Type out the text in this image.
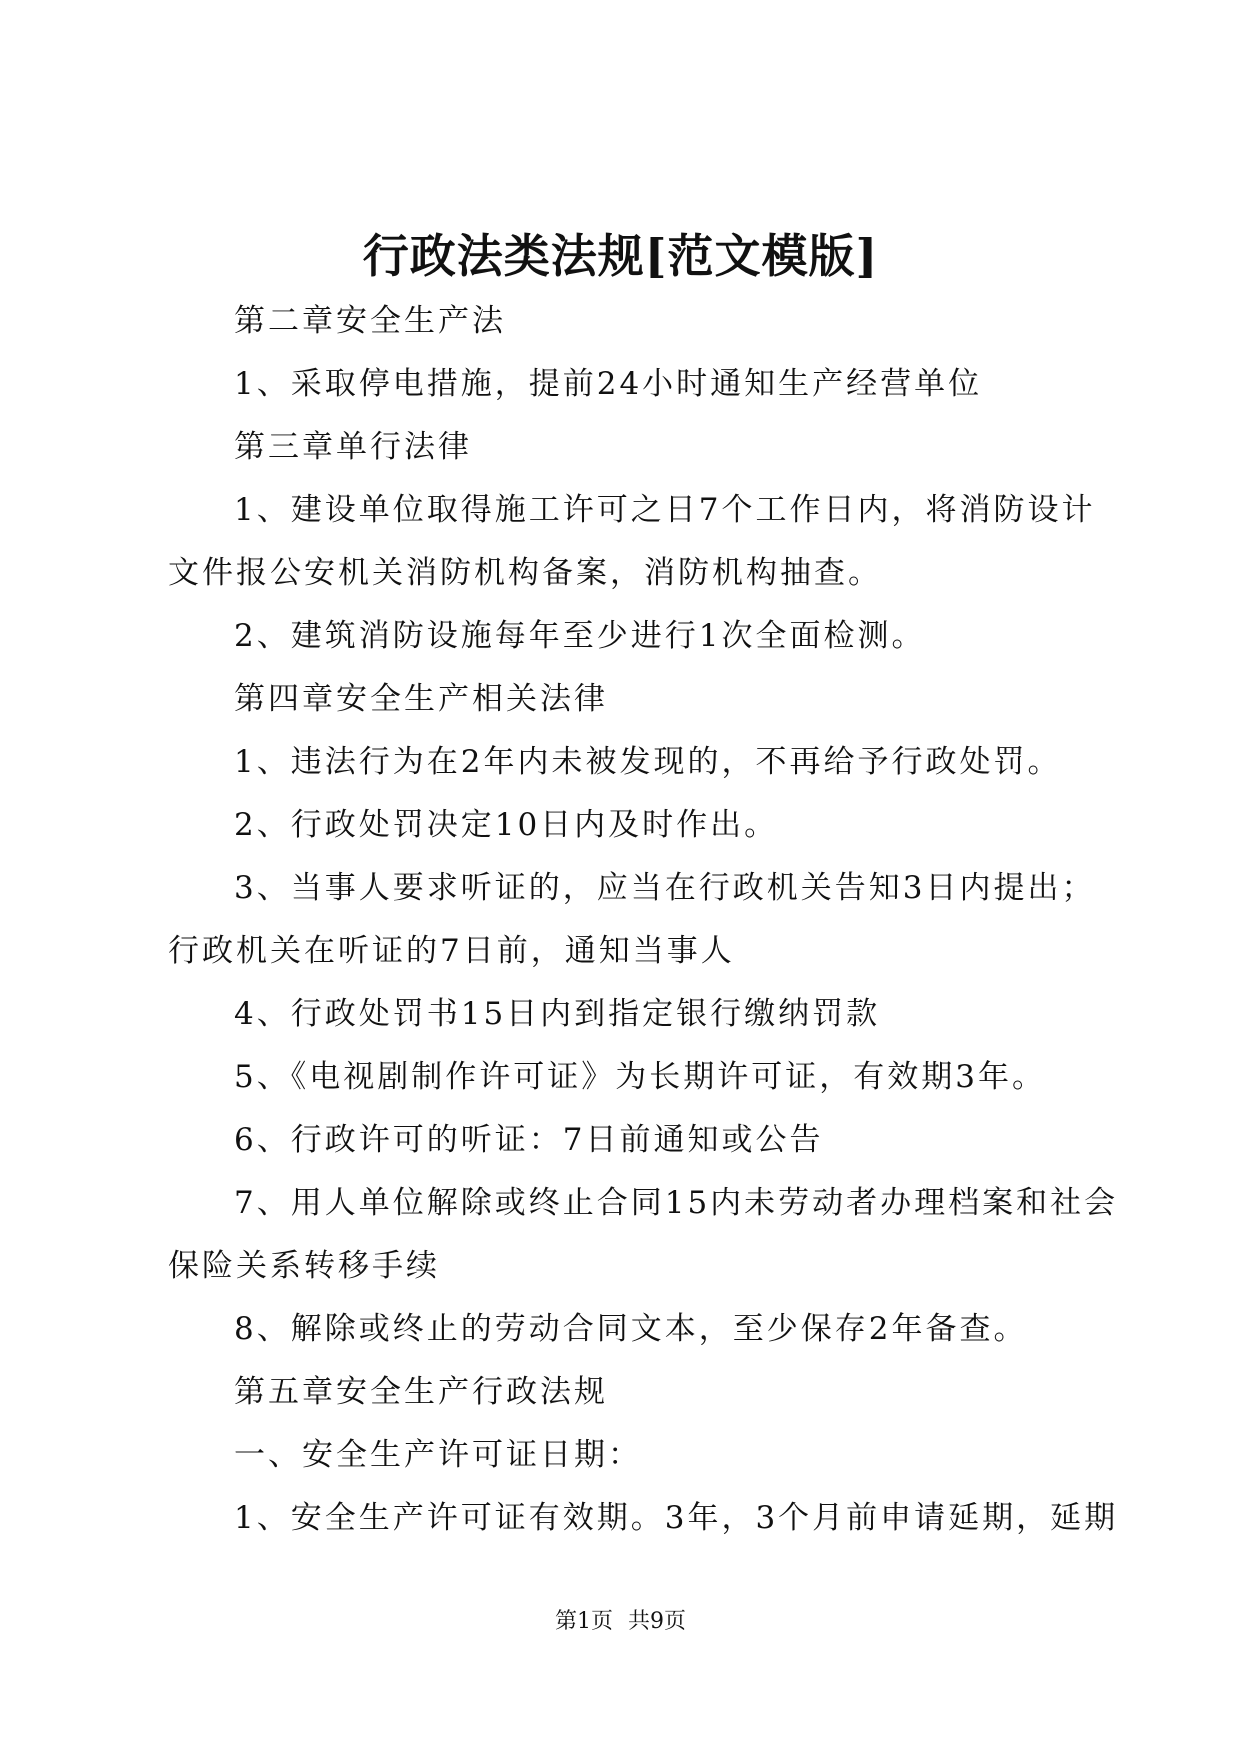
行政法类法规[范文模版]
第二章安全生产法
1、采取停电措施，提前24小时通知生产经营单位
第三章单行法律
1、建设单位取得施工许可之日7个工作日内，将消防设计
文件报公安机关消防机构备案，消防机构抽查。
2、建筑消防设施每年至少进行1次全面检测。
第四章安全生产相关法律
1、违法行为在2年内未被发现的，不再给予行政处罚。
2、行政处罚决定10日内及时作出。
3、当事人要求听证的，应当在行政机关告知3日内提出；
行政机关在听证的7日前，通知当事人
4、行政处罚书15日内到指定银行缴纳罚款
5、《电视剧制作许可证》为长期许可证，有效期3年。
6、行政许可的听证：7日前通知或公告
7、用人单位解除或终止合同15内未劳动者办理档案和社会
保险关系转移手续
8、解除或终止的劳动合同文本，至少保存2年备查。
第五章安全生产行政法规
一、安全生产许可证日期：
1、安全生产许可证有效期。3年，3个月前申请延期，延期
第1页 共9页
